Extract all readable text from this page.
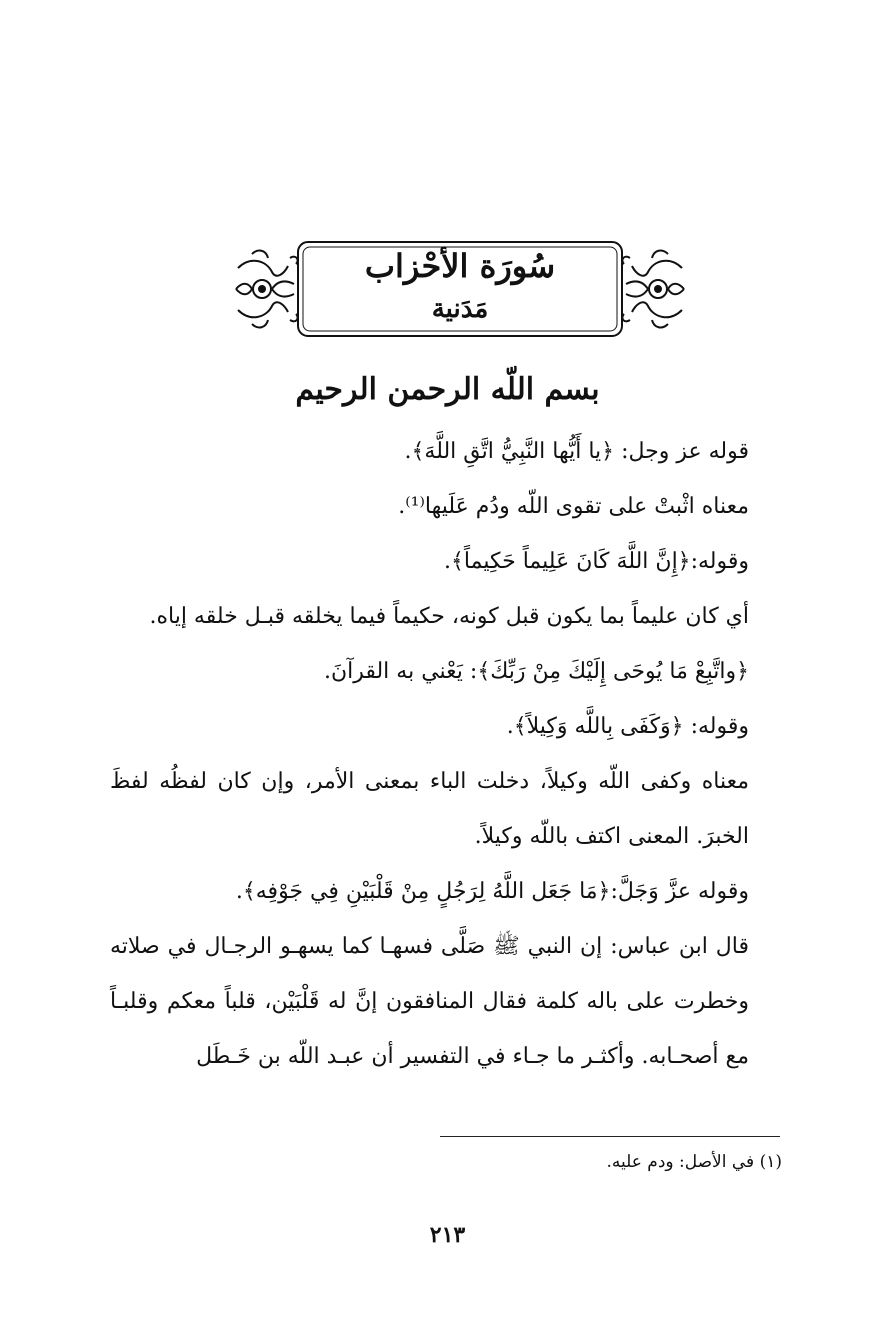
سُورَة الأحْزاب
مَدَنية
بسم اللّه الرحمن الرحيم

قوله عز وجل: ﴿يا أَيُّها النَّبِيُّ اتَّقِ اللَّهَ﴾.

معناه اثْبتْ على تقوى اللّه ودُم عَلَيها⁽¹⁾.

وقوله:﴿إِنَّ اللَّهَ كَانَ عَلِيماً حَكِيماً﴾.

أي كان عليماً بما يكون قبل كونه، حكيماً فيما يخلقه قبـل خلقه إياه.

﴿واتَّبِعْ مَا يُوحَى إِلَيْكَ مِنْ رَبِّكَ﴾: يَعْني به القرآنَ.

وقوله: ﴿وَكَفَى بِاللَّه وَكِيلاً﴾.

معناه وكفى اللّه وكيلاً، دخلت الباء بمعنى الأمر، وإن كان لفظُه لفظَ الخبرَ. المعنى اكتف باللّه وكيلاً.

وقوله عزَّ وَجَلَّ:﴿مَا جَعَل اللَّهُ لِرَجُلٍ مِنْ قَلْبَيْنِ فِي جَوْفِه﴾.

قال ابن عباس: إن النبي ﷺ صَلَّى فسهـا كما يسهـو الرجـال في صلاته وخطرت على باله كلمة فقال المنافقون إنَّ له قَلْبَيْن، قلباً معكم وقلبـاً مع أصحـابه. وأكثـر ما جـاء في التفسير أن عبـد اللّه بن خَـطَل

(١) في الأصل: ودم عليه.
٢١٣
